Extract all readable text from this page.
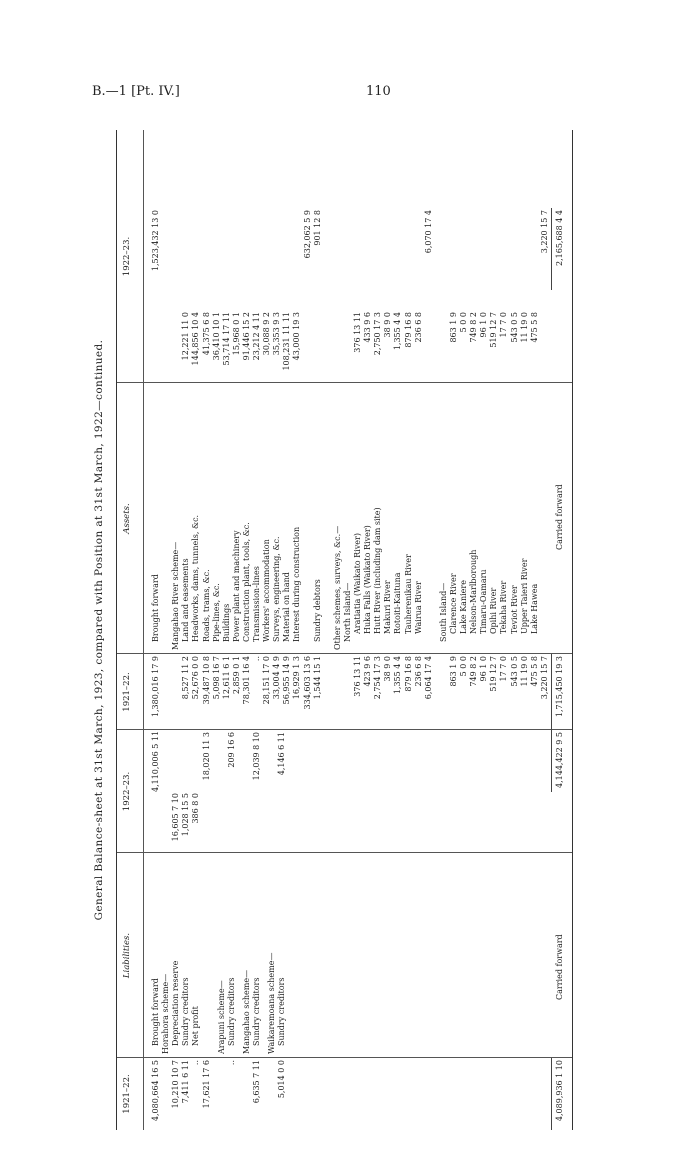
B.—1 [Pt. IV.]	110
General Balance-sheet at 31st March, 1923, compared with Position at 31st March, 1922—continued.
1921–22.
Liabilities.
1922–23.
1921–22.
Assets.
1922–23.
Brought forward
4,080,664 16 5
4,110,006 5 11
Horahora scheme— Depreciation reserve
10,210 10 7
16,605 7 10
Sundry creditors
7,411 6 11
1,028 15 5
Net profit
..
386 8 0
17,621 17 6
18,020 11 3
Arapuni scheme— Sundry creditors
..
209 16 6
Mangahao scheme— Sundry creditors
6,635 7 11
12,039 8 10
Waikaremoana scheme— Sundry creditors
5,014 0 0
4,146 6 11
Brought forward
1,380,016 17 9
1,523,432 13 0
Mangahao River scheme— Land and easements
8,527 11 2
12,221 11 0
Headworks, dams, tunnels, &c.
52,676 0 0
144,856 10 4
Roads, trams, &c.
39,487 10 8
41,375 6 8
Pipe-lines, &c.
5,098 16 7
36,410 10 1
Buildings
12,611 6 1
53,714 17 11
Power plant and machinery
2,859 0 1
15,968 0 1
Construction plant, tools, &c.
78,301 16 4
91,446 15 2
Transmission-lines
..
23,212 4 11
Workers' accommodation
28,151 17 0
30,088 9 2
Surveys, engineering, &c.
33,004 4 9
35,353 9 3
Material on hand
56,955 14 9
108,231 11 11
Interest during construction
16,929 1 3
43,000 19 3
334,603 13 6
632,062 5 9
Sundry debtors
1,544 15 1
901 12 8
Other schemes, surveys, &c.— North Island— Aratiatia (Waikato River)
376 13 11
376 13 11
Huka Falls (Waikato River)
423 9 6
433 9 6
Hutt River (including dam site)
2,754 17 3
2,750 17 3
Makuri River
38 9 0
38 9 0
Rotoiti-Kaituna
1,355 4 4
1,355 4 4
Tauherenikau River
879 16 8
879 16 8
Wairua River
236 6 8
236 6 8
6,064 17 4
6,070 17 4
South Island— Clarence River
863 1 9
863 1 9
Lake Kaniere
5 0 0
5 0 0
Nelson-Marlborough
749 8 2
749 8 2
Timaru-Oamaru
96 1 0
96 1 0
Opihi River
519 12 7
519 12 7
Tekaha River
17 7 0
17 7 0
Teviot River
543 0 5
543 0 5
Upper Taieri River
11 19 0
11 19 0
Lake Hawea
475 5 8
475 5 8
3,220 15 7
3,220 15 7
Carried forward
4,089,936 1 10
4,144,422 9 5
Carried forward
1,715,450 19 3
2,165,688 4 4
